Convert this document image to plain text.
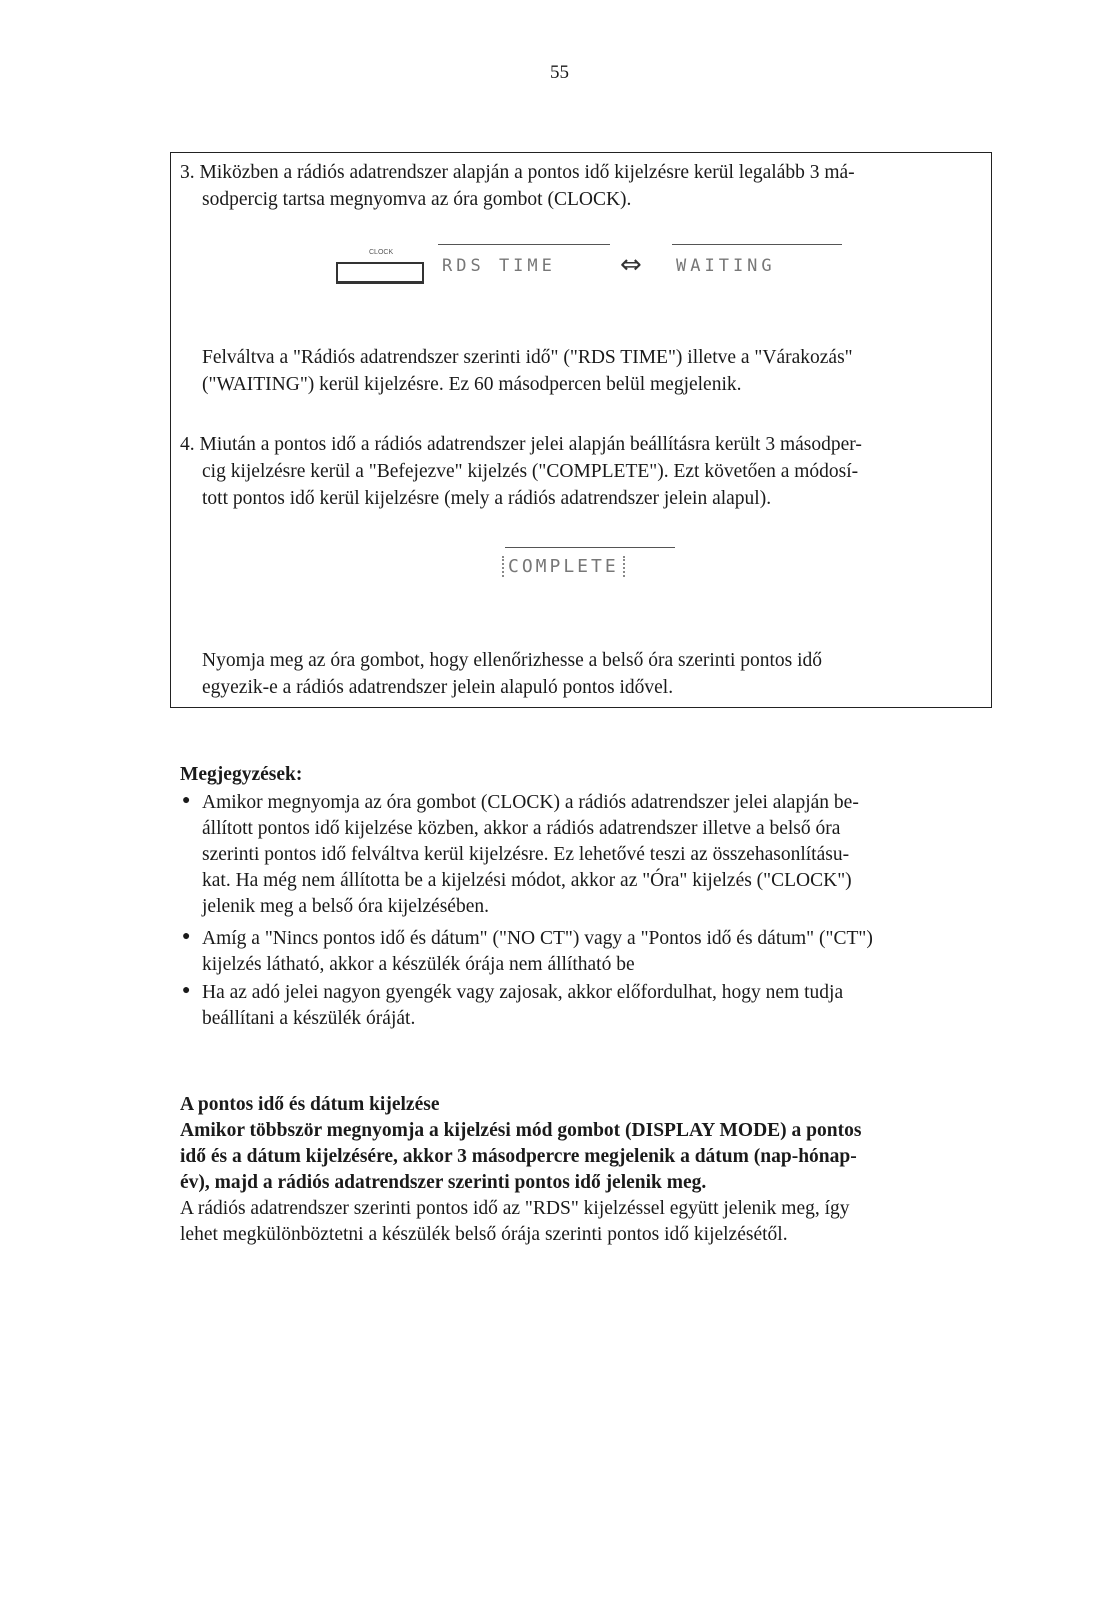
55
3. Miközben a rádiós adatrendszer alapján a pontos idő kijelzésre kerül legalább 3 má-
sodpercig tartsa megnyomva az óra gombot (CLOCK).
CLOCK
RDS TIME ⇔ WAITING
Felváltva a "Rádiós adatrendszer szerinti idő" ("RDS TIME") illetve a "Várakozás"
("WAITING") kerül kijelzésre. Ez 60 másodpercen belül megjelenik.
4. Miután a pontos idő a rádiós adatrendszer jelei alapján beállításra került 3 másodper-
cig kijelzésre kerül a "Befejezve" kijelzés ("COMPLETE"). Ezt követően a módosí-
tott pontos idő kerül kijelzésre (mely a rádiós adatrendszer jelein alapul).
COMPLETE
Nyomja meg az óra gombot, hogy ellenőrizhesse a belső óra szerinti pontos idő
egyezik-e a rádiós adatrendszer jelein alapuló pontos idővel.
Megjegyzések:
● Amikor megnyomja az óra gombot (CLOCK) a rádiós adatrendszer jelei alapján be-
állított pontos idő kijelzése közben, akkor a rádiós adatrendszer illetve a belső óra
szerinti pontos idő felváltva kerül kijelzésre. Ez lehetővé teszi az összehasonlításu-
kat. Ha még nem állította be a kijelzési módot, akkor az "Óra" kijelzés ("CLOCK")
jelenik meg a belső óra kijelzésében.
● Amíg a "Nincs pontos idő és dátum" ("NO CT") vagy a "Pontos idő és dátum" ("CT")
kijelzés látható, akkor a készülék órája nem állítható be
● Ha az adó jelei nagyon gyengék vagy zajosak, akkor előfordulhat, hogy nem tudja
beállítani a készülék óráját.
A pontos idő és dátum kijelzése
Amikor többször megnyomja a kijelzési mód gombot (DISPLAY MODE) a pontos
idő és a dátum kijelzésére, akkor 3 másodpercre megjelenik a dátum (nap-hónap-
év), majd a rádiós adatrendszer szerinti pontos idő jelenik meg.
A rádiós adatrendszer szerinti pontos idő az "RDS" kijelzéssel együtt jelenik meg, így
lehet megkülönböztetni a készülék belső órája szerinti pontos idő kijelzésétől.
